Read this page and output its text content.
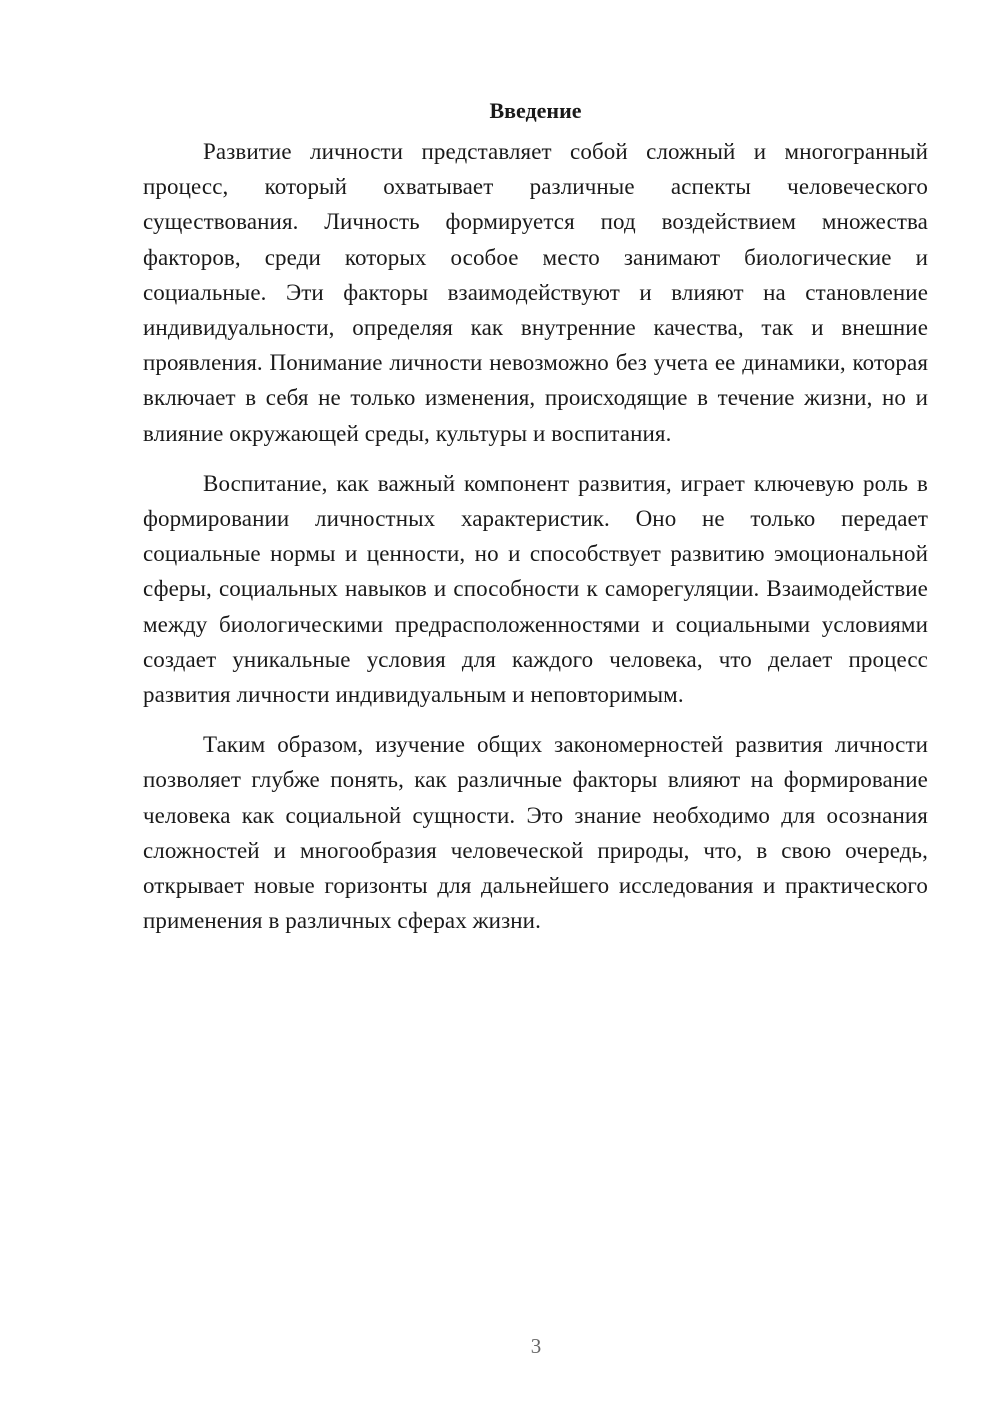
Введение

Развитие личности представляет собой сложный и многогранный процесс, который охватывает различные аспекты человеческого существования. Личность формируется под воздействием множества факторов, среди которых особое место занимают биологические и социальные. Эти факторы взаимодействуют и влияют на становление индивидуальности, определяя как внутренние качества, так и внешние проявления. Понимание личности невозможно без учета ее динамики, которая включает в себя не только изменения, происходящие в течение жизни, но и влияние окружающей среды, культуры и воспитания.

Воспитание, как важный компонент развития, играет ключевую роль в формировании личностных характеристик. Оно не только передает социальные нормы и ценности, но и способствует развитию эмоциональной сферы, социальных навыков и способности к саморегуляции. Взаимодействие между биологическими предрасположенностями и социальными условиями создает уникальные условия для каждого человека, что делает процесс развития личности индивидуальным и неповторимым.

Таким образом, изучение общих закономерностей развития личности позволяет глубже понять, как различные факторы влияют на формирование человека как социальной сущности. Это знание необходимо для осознания сложностей и многообразия человеческой природы, что, в свою очередь, открывает новые горизонты для дальнейшего исследования и практического применения в различных сферах жизни.

3
